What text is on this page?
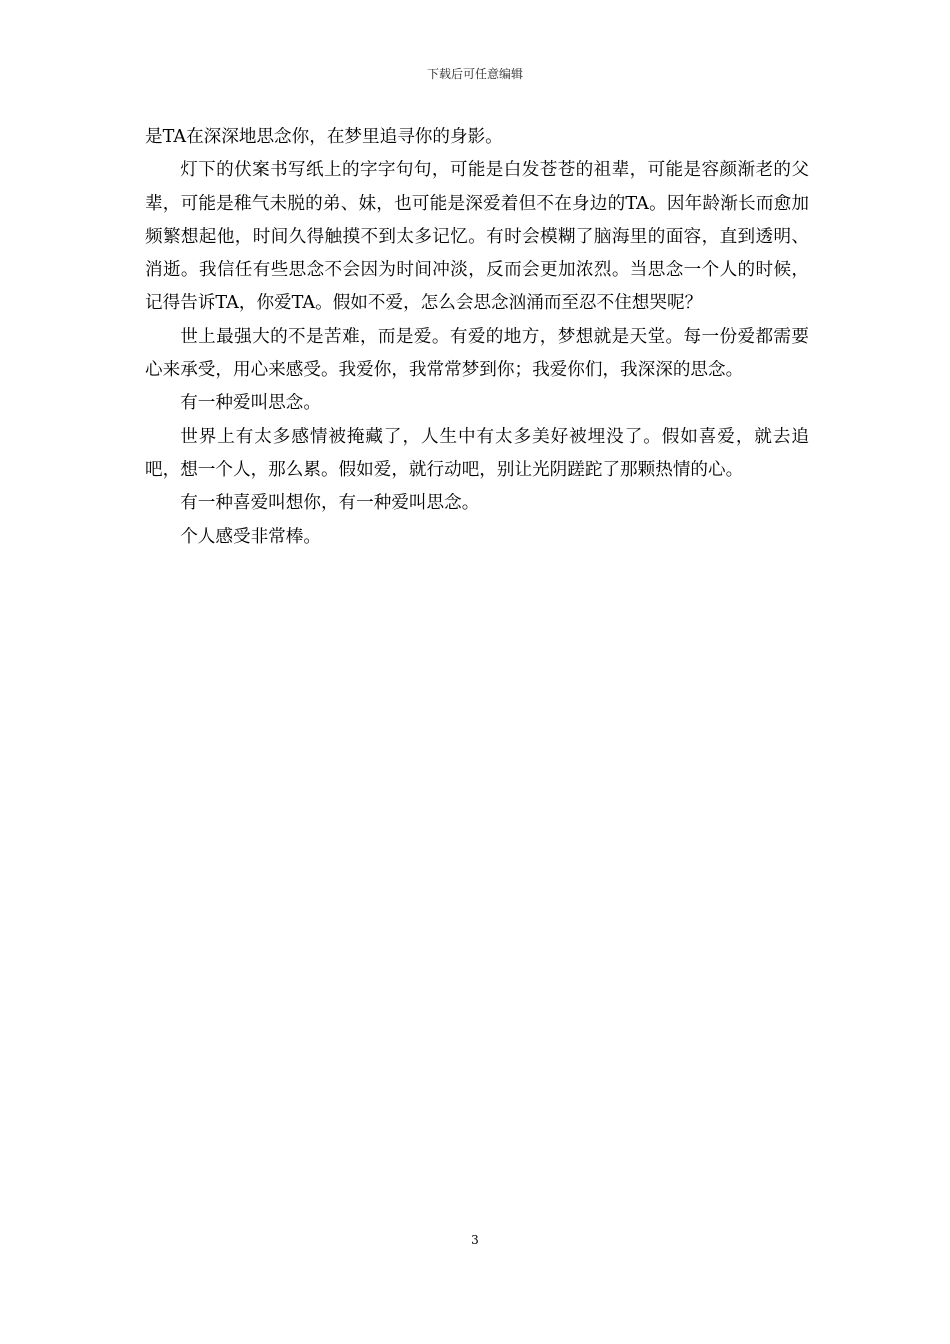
下载后可任意编辑

是TA在深深地思念你，在梦里追寻你的身影。

灯下的伏案书写纸上的字字句句，可能是白发苍苍的祖辈，可能是容颜渐老的父辈，可能是稚气未脱的弟、妹，也可能是深爱着但不在身边的TA。因年龄渐长而愈加频繁想起他，时间久得触摸不到太多记忆。有时会模糊了脑海里的面容，直到透明、消逝。我信任有些思念不会因为时间冲淡，反而会更加浓烈。当思念一个人的时候，记得告诉TA，你爱TA。假如不爱，怎么会思念汹涌而至忍不住想哭呢？

世上最强大的不是苦难，而是爱。有爱的地方，梦想就是天堂。每一份爱都需要心来承受，用心来感受。我爱你，我常常梦到你；我爱你们，我深深的思念。

有一种爱叫思念。

世界上有太多感情被掩藏了，人生中有太多美好被埋没了。假如喜爱，就去追吧，想一个人，那么累。假如爱，就行动吧，别让光阴蹉跎了那颗热情的心。

有一种喜爱叫想你，有一种爱叫思念。

个人感受非常棒。

3
